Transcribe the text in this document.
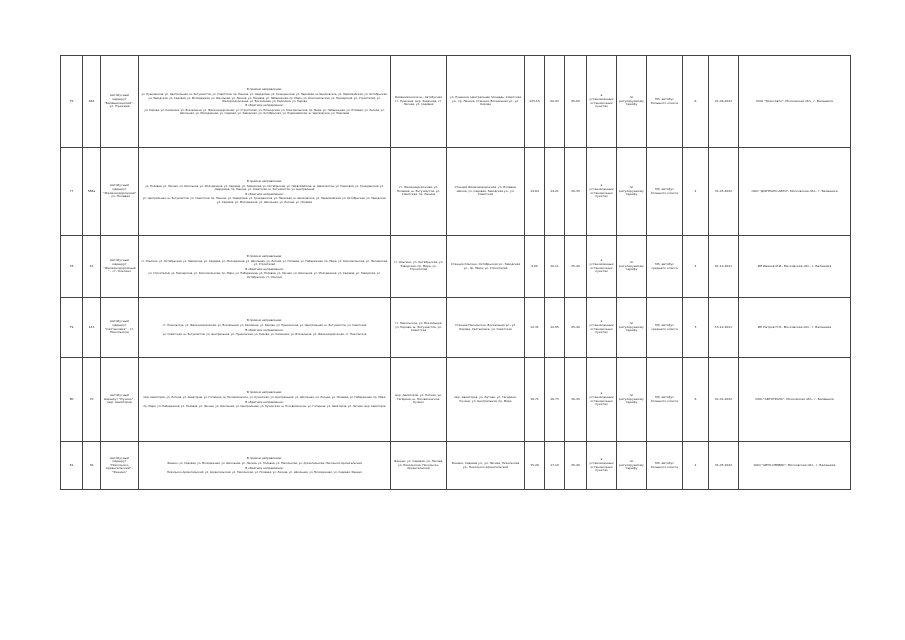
76	482	Автобусный маршрут "Балашихинский" - ул. Пушкина	В прямом направлении:
ул. Пушкинская, ул. Центральная, ш. Энтузиастов, ул. Советская, пр. Ленина, ул. Свердлова, ул. Гражданская, ул. Парковая, ш. Щелковское, ул. Первомайская, ул. Октябрьская, ул. Заводская, ул. Садовая, ул. Молодежная, ул. Школьная, ул. Лесная, ул. Полевая, ул. Набережная, пр. Мира, ул. Комсомольская, ул. Пионерская, ул. Строителей, ул. Железнодорожная, ул. Вокзальная, ул. Калинина, ул. Кирова
В обратном направлении:
ул. Кирова, ул. Калинина, ул. Вокзальная, ул. Железнодорожная, ул. Строителей, ул. Пионерская, ул. Комсомольская, пр. Мира, ул. Набережная, ул. Полевая, ул. Лесная, ул. Школьная, ул. Молодежная, ул. Садовая, ул. Заводская, ул. Октябрьская, ул. Первомайская, ш. Щелковское, ул. Парковая	Балашихинское ш., Автобусная ст. Пушкина, мкр. Заречная, ст. Лесная, ул. Садовая	ул. Пушкина, Центральная площадь, Советская ул., пр. Ленина, Станция, Вокзальная ул., ул. Кирова	125,15	50,93	45-60	в установленных остановочных пунктах	по регулируемому тарифу	М3, автобус большого класса	6	21.06.2022	ООО "ТрансАвто", Московская обл., г. Балашиха
77	588а	Автобусный маршрут "Железнодорожная" - ул. Полевая	В прямом направлении:
ул. Полевая, ул. Лесная, ул. Школьная, ул. Молодежная, ул. Садовая, ул. Заводская, ул. Октябрьская, ул. Первомайская, ш. Щелковское, ул. Парковая, ул. Гражданская, ул. Свердлова, пр. Ленина, ул. Советская, ш. Энтузиастов, ул. Центральная
В обратном направлении:
ул. Центральная, ш. Энтузиастов, ул. Советская, пр. Ленина, ул. Свердлова, ул. Гражданская, ул. Парковая, ш. Щелковское, ул. Первомайская, ул. Октябрьская, ул. Заводская, ул. Садовая, ул. Молодежная, ул. Школьная, ул. Лесная, ул. Полевая	ст. Железнодорожная, ул. Полевая, ш. Энтузиастов, ул. Советская, пр. Ленина	Станция Железнодорожная, ул. Полевая, Школа, ул. Садовая, Заводская ул., ул. Советская	14,64	14,21	20-35	в установленных остановочных пунктах	по регулируемому тарифу	М3, автобус большого класса	2	31.05.2022	ООО "ДОРТРАНС-АВТО", Московская обл., г. Балашиха
78	41	Автобусный маршрут "Железнодорожный" - ст. Ольгино	В прямом направлении:
ст. Ольгино, ул. Октябрьская, ул. Заводская, ул. Садовая, ул. Молодежная, ул. Школьная, ул. Лесная, ул. Полевая, ул. Набережная, пр. Мира, ул. Комсомольская, ул. Пионерская, ул. Строителей
В обратном направлении:
ул. Строителей, ул. Пионерская, ул. Комсомольская, пр. Мира, ул. Набережная, ул. Полевая, ул. Лесная, ул. Школьная, ул. Молодежная, ул. Садовая, ул. Заводская, ул. Октябрьская, ст. Ольгино	ст. Ольгино, ул. Октябрьская, ул. Заводская, пр. Мира, ул. Строителей	Станция Ольгино, Октябрьская ул., Заводская ул., пр. Мира, ул. Строителей	9,00	10,11	25-40	в установленных остановочных пунктах	по регулируемому тарифу	М3, автобус среднего класса	4	01.12.2021	ИП Иванов И.И., Московская обл., г. Балашиха
79	143	Автобусный маршрут "Салтыковка" - ст. Никольское	В прямом направлении:
ст. Никольское, ул. Железнодорожная, ул. Вокзальная, ул. Калинина, ул. Кирова, ул. Пушкинская, ул. Центральная, ш. Энтузиастов, ул. Советская
В обратном направлении:
ул. Советская, ш. Энтузиастов, ул. Центральная, ул. Пушкинская, ул. Кирова, ул. Калинина, ул. Вокзальная, ул. Железнодорожная, ст. Никольское	ст. Никольское, ул. Вокзальная, ул. Кирова, ш. Энтузиастов, ул. Советская	Станция Никольское, Вокзальная ул., ул. Кирова, Салтыковка, ул. Советская	12,31	12,05	25-40	в установленных остановочных пунктах	по регулируемому тарифу	М3, автобус среднего класса	3	15.12.2021	ИП Петров П.П., Московская обл., г. Балашиха
80	70	Автобусный маршрут "Кучино" - мкр. Авиаторов	В прямом направлении:
мкр. Авиаторов, ул. Летная, ул. Авиаторов, ул. Гагарина, ш. Носовихинское, ул. Кучинская, ул. Центральная, ул. Школьная, ул. Лесная, ул. Полевая, ул. Набережная, пр. Мира
В обратном направлении:
пр. Мира, ул. Набережная, ул. Полевая, ул. Лесная, ул. Школьная, ул. Центральная, ул. Кучинская, ш. Носовихинское, ул. Гагарина, ул. Авиаторов, ул. Летная, мкр. Авиаторов	мкр. Авиаторов, ул. Летная, ул. Гагарина, ш. Носовихинское, Кучино	мкр. Авиаторов, ул. Летная, ул. Гагарина, Кучино, ул. Центральная, пр. Мира	16,71	16,73	30-45	в установленных остановочных пунктах	по регулируемому тарифу	М3, автобус большого класса	6	01.01.2022	ООО "АВТОТРАНС", Московская обл., г. Балашиха
81	39	Автобусный маршрут "Никольско-Архангельский" - "Фенино"	В прямом направлении:
Фенино, ул. Садовая, ул. Молодежная, ул. Школьная, ул. Лесная, ул. Полевая, ул. Никольская, ул. Архангельская, Никольско-Архангельский
В обратном направлении:
Никольско-Архангельский, ул. Архангельская, ул. Никольская, ул. Полевая, ул. Лесная, ул. Школьная, ул. Молодежная, ул. Садовая, Фенино	Фенино, ул. Садовая, ул. Лесная, ул. Никольская, Никольско-Архангельский	Фенино, Садовая ул., ул. Лесная, Никольская ул., Никольско-Архангельский	15,29	17,19	25-40	в установленных остановочных пунктах	по регулируемому тарифу	М3, автобус большого класса	2	31.05.2022	ООО "АВТО-СЕРВИС", Московская обл., г. Балашиха
